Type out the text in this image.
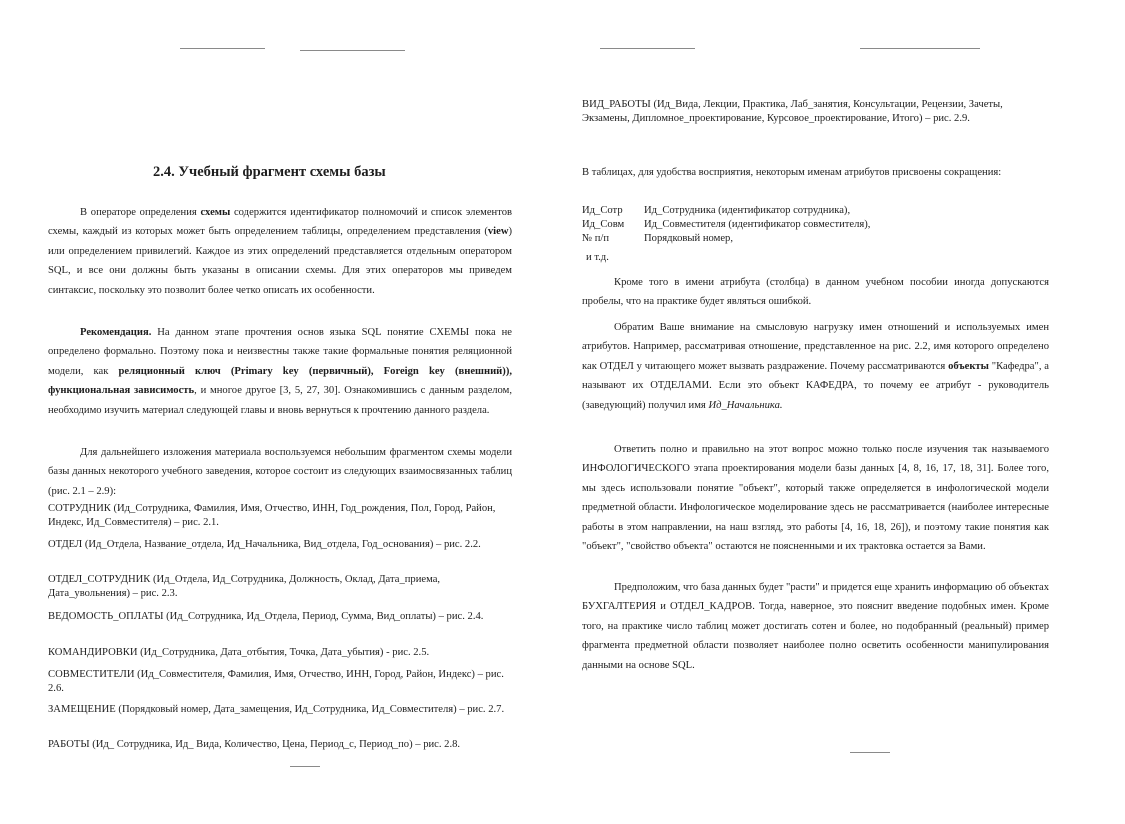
2.4. Учебный фрагмент схемы базы

В операторе определения схемы содержится идентификатор полномочий и список элементов схемы, каждый из которых может быть определением таблицы, определением представления (view) или определением привилегий. Каждое из этих определений представляется отдельным оператором SQL, и все они должны быть указаны в описании схемы. Для этих операторов мы приведем синтаксис, поскольку это позволит более четко описать их особенности.

Рекомендация. На данном этапе прочтения основ языка SQL понятие СХЕМЫ пока не определено формально. Поэтому пока и неизвестны также такие формальные понятия реляционной модели, как реляционный ключ (Primary key (первичный), Foreign key (внешний)), функциональная зависимость, и многое другое [3, 5, 27, 30]. Ознакомившись с данным разделом, необходимо изучить материал следующей главы и вновь вернуться к прочтению данного раздела.

Для дальнейшего изложения материала воспользуемся небольшим фрагментом схемы модели базы данных некоторого учебного заведения, которое состоит из следующих взаимосвязанных таблиц (рис. 2.1 – 2.9):

СОТРУДНИК (Ид_Сотрудника, Фамилия, Имя, Отчество, ИНН, Год_рождения, Пол, Город, Район, Индекс, Ид_Совместителя) – рис. 2.1.
ОТДЕЛ (Ид_Отдела, Название_отдела, Ид_Начальника, Вид_отдела, Год_основания) – рис. 2.2.
ОТДЕЛ_СОТРУДНИК (Ид_Отдела, Ид_Сотрудника, Должность, Оклад, Дата_приема, Дата_увольнения) – рис. 2.3.
ВЕДОМОСТЬ_ОПЛАТЫ (Ид_Сотрудника, Ид_Отдела, Период, Сумма, Вид_оплаты) – рис. 2.4.
КОМАНДИРОВКИ (Ид_Сотрудника, Дата_отбытия, Точка, Дата_убытия) - рис. 2.5.
СОВМЕСТИТЕЛИ (Ид_Совместителя, Фамилия, Имя, Отчество, ИНН, Город, Район, Индекс) – рис. 2.6.
ЗАМЕЩЕНИЕ (Порядковый номер, Дата_замещения, Ид_Сотрудника, Ид_Совместителя) – рис. 2.7.
РАБОТЫ (Ид_ Сотрудника, Ид_ Вида, Количество, Цена, Период_с, Период_по) – рис. 2.8.
ВИД_РАБОТЫ (Ид_Вида, Лекции, Практика, Лаб_занятия, Консультации, Рецензии, Зачеты, Экзамены, Дипломное_проектирование, Курсовое_проектирование, Итого) – рис. 2.9.

В таблицах, для удобства восприятия, некоторым именам атрибутов присвоены сокращения:

Ид_Сотр	Ид_Сотрудника (идентификатор сотрудника),
Ид_Совм	Ид_Совместителя (идентификатор совместителя),
№ п/п	Порядковый номер,
и т.д.

Кроме того в имени атрибута (столбца) в данном учебном пособии иногда допускаются пробелы, что на практике будет являться ошибкой.

Обратим Ваше внимание на смысловую нагрузку имен отношений и используемых имен атрибутов. Например, рассматривая отношение, представленное на рис. 2.2, имя которого определено как ОТДЕЛ у читающего может вызвать раздражение. Почему рассматриваются объекты "Кафедра", а называют их ОТДЕЛАМИ. Если это объект КАФЕДРА, то почему ее атрибут - руководитель (заведующий) получил имя Ид_Начальника.

Ответить полно и правильно на этот вопрос можно только после изучения так называемого ИНФОЛОГИЧЕСКОГО этапа проектирования модели базы данных [4, 8, 16, 17, 18, 31]. Более того, мы здесь использовали понятие "объект", который также определяется в инфологической модели предметной области. Инфологическое моделирование здесь не рассматривается (наиболее интересные работы в этом направлении, на наш взгляд, это работы [4, 16, 18, 26]), и поэтому такие понятия как "объект", "свойство объекта" остаются не поясненными и их трактовка остается за Вами.

Предположим, что база данных будет "расти" и придется еще хранить информацию об объектах БУХГАЛТЕРИЯ и ОТДЕЛ_КАДРОВ. Тогда, наверное, это пояснит введение подобных имен. Кроме того, на практике число таблиц может достигать сотен и более, но подобранный (реальный) пример фрагмента предметной области позволяет наиболее полно осветить особенности манипулирования данными на основе SQL.
